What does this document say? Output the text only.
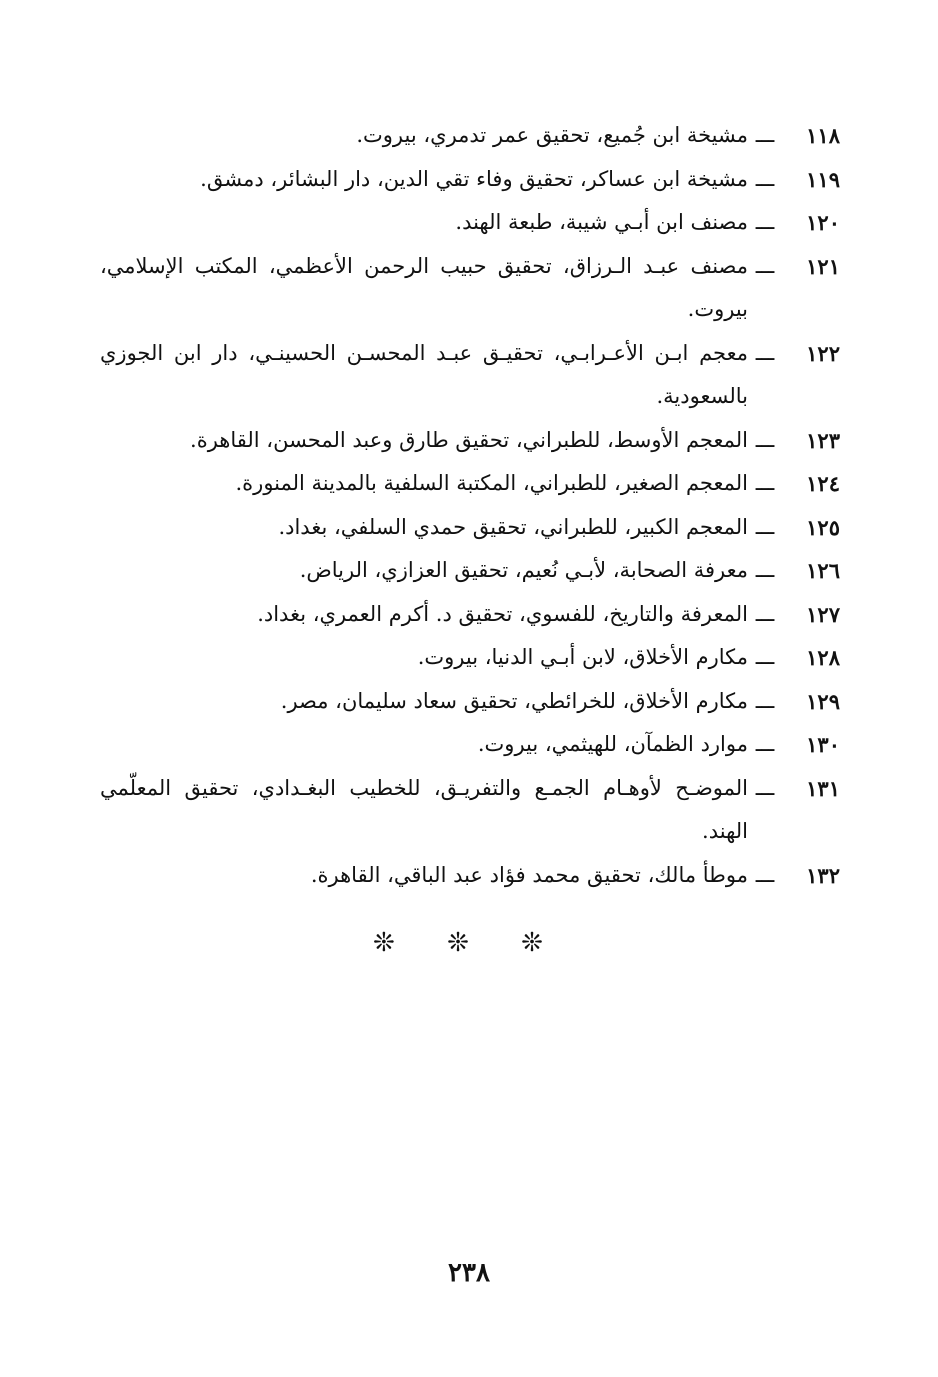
١١٨
ـــ
مشيخة ابن جُميع، تحقيق عمر تدمري، بيروت.
١١٩
ـــ
مشيخة ابن عساكر، تحقيق وفاء تقي الدين، دار البشائر، دمشق.
١٢٠
ـــ
مصنف ابن أبـي شيبة، طبعة الهند.
١٢١
ـــ
مصنف عبـد الـرزاق، تحقيق حبيب الرحمن الأعظمي، المكتب الإسلامي، بيروت.
١٢٢
ـــ
معجم ابـن الأعـرابـي، تحقيـق عبـد المحسـن الحسينـي، دار ابن الجوزي بالسعودية.
١٢٣
ـــ
المعجم الأوسط، للطبراني، تحقيق طارق وعبد المحسن، القاهرة.
١٢٤
ـــ
المعجم الصغير، للطبراني، المكتبة السلفية بالمدينة المنورة.
١٢٥
ـــ
المعجم الكبير، للطبراني، تحقيق حمدي السلفي، بغداد.
١٢٦
ـــ
معرفة الصحابة، لأبـي نُعيم، تحقيق العزازي، الرياض.
١٢٧
ـــ
المعرفة والتاريخ، للفسوي، تحقيق د. أكرم العمري، بغداد.
١٢٨
ـــ
مكارم الأخلاق، لابن أبـي الدنيا، بيروت.
١٢٩
ـــ
مكارم الأخلاق، للخرائطي، تحقيق سعاد سليمان، مصر.
١٣٠
ـــ
موارد الظمآن، للهيثمي، بيروت.
١٣١
ـــ
الموضـح لأوهـام الجمـع والتفريـق، للخطيب البغـدادي، تحقيق المعلّمي الهند.
١٣٢
ـــ
موطأ مالك، تحقيق محمد فؤاد عبد الباقي، القاهرة.
❊ ❊ ❊
٢٣٨
